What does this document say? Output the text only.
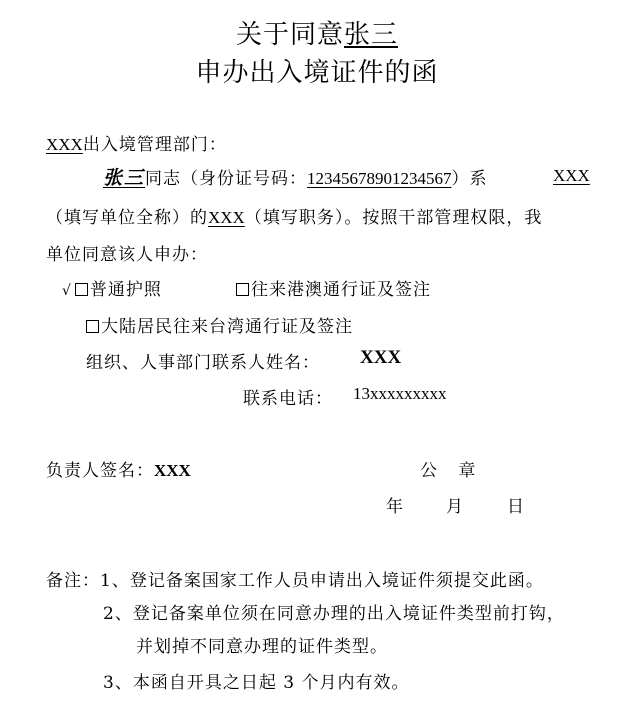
关于同意张三
申办出入境证件的函
XXX出入境管理部门：
张三同志（身份证号码：12345678901234567）系	XXX
（填写单位全称）的XXX（填写职务）。按照干部管理权限，我
单位同意该人申办：
√ 普通护照	往来港澳通行证及签注
大陆居民往来台湾通行证及签注
组织、人事部门联系人姓名： XXX
联系电话： 13xxxxxxxxx
负责人签名：XXX	公 章
年 月	日
备注：1、登记备案国家工作人员申请出入境证件须提交此函。
2、登记备案单位须在同意办理的出入境证件类型前打钩，
并划掉不同意办理的证件类型。
3、本函自开具之日起 3 个月内有效。
